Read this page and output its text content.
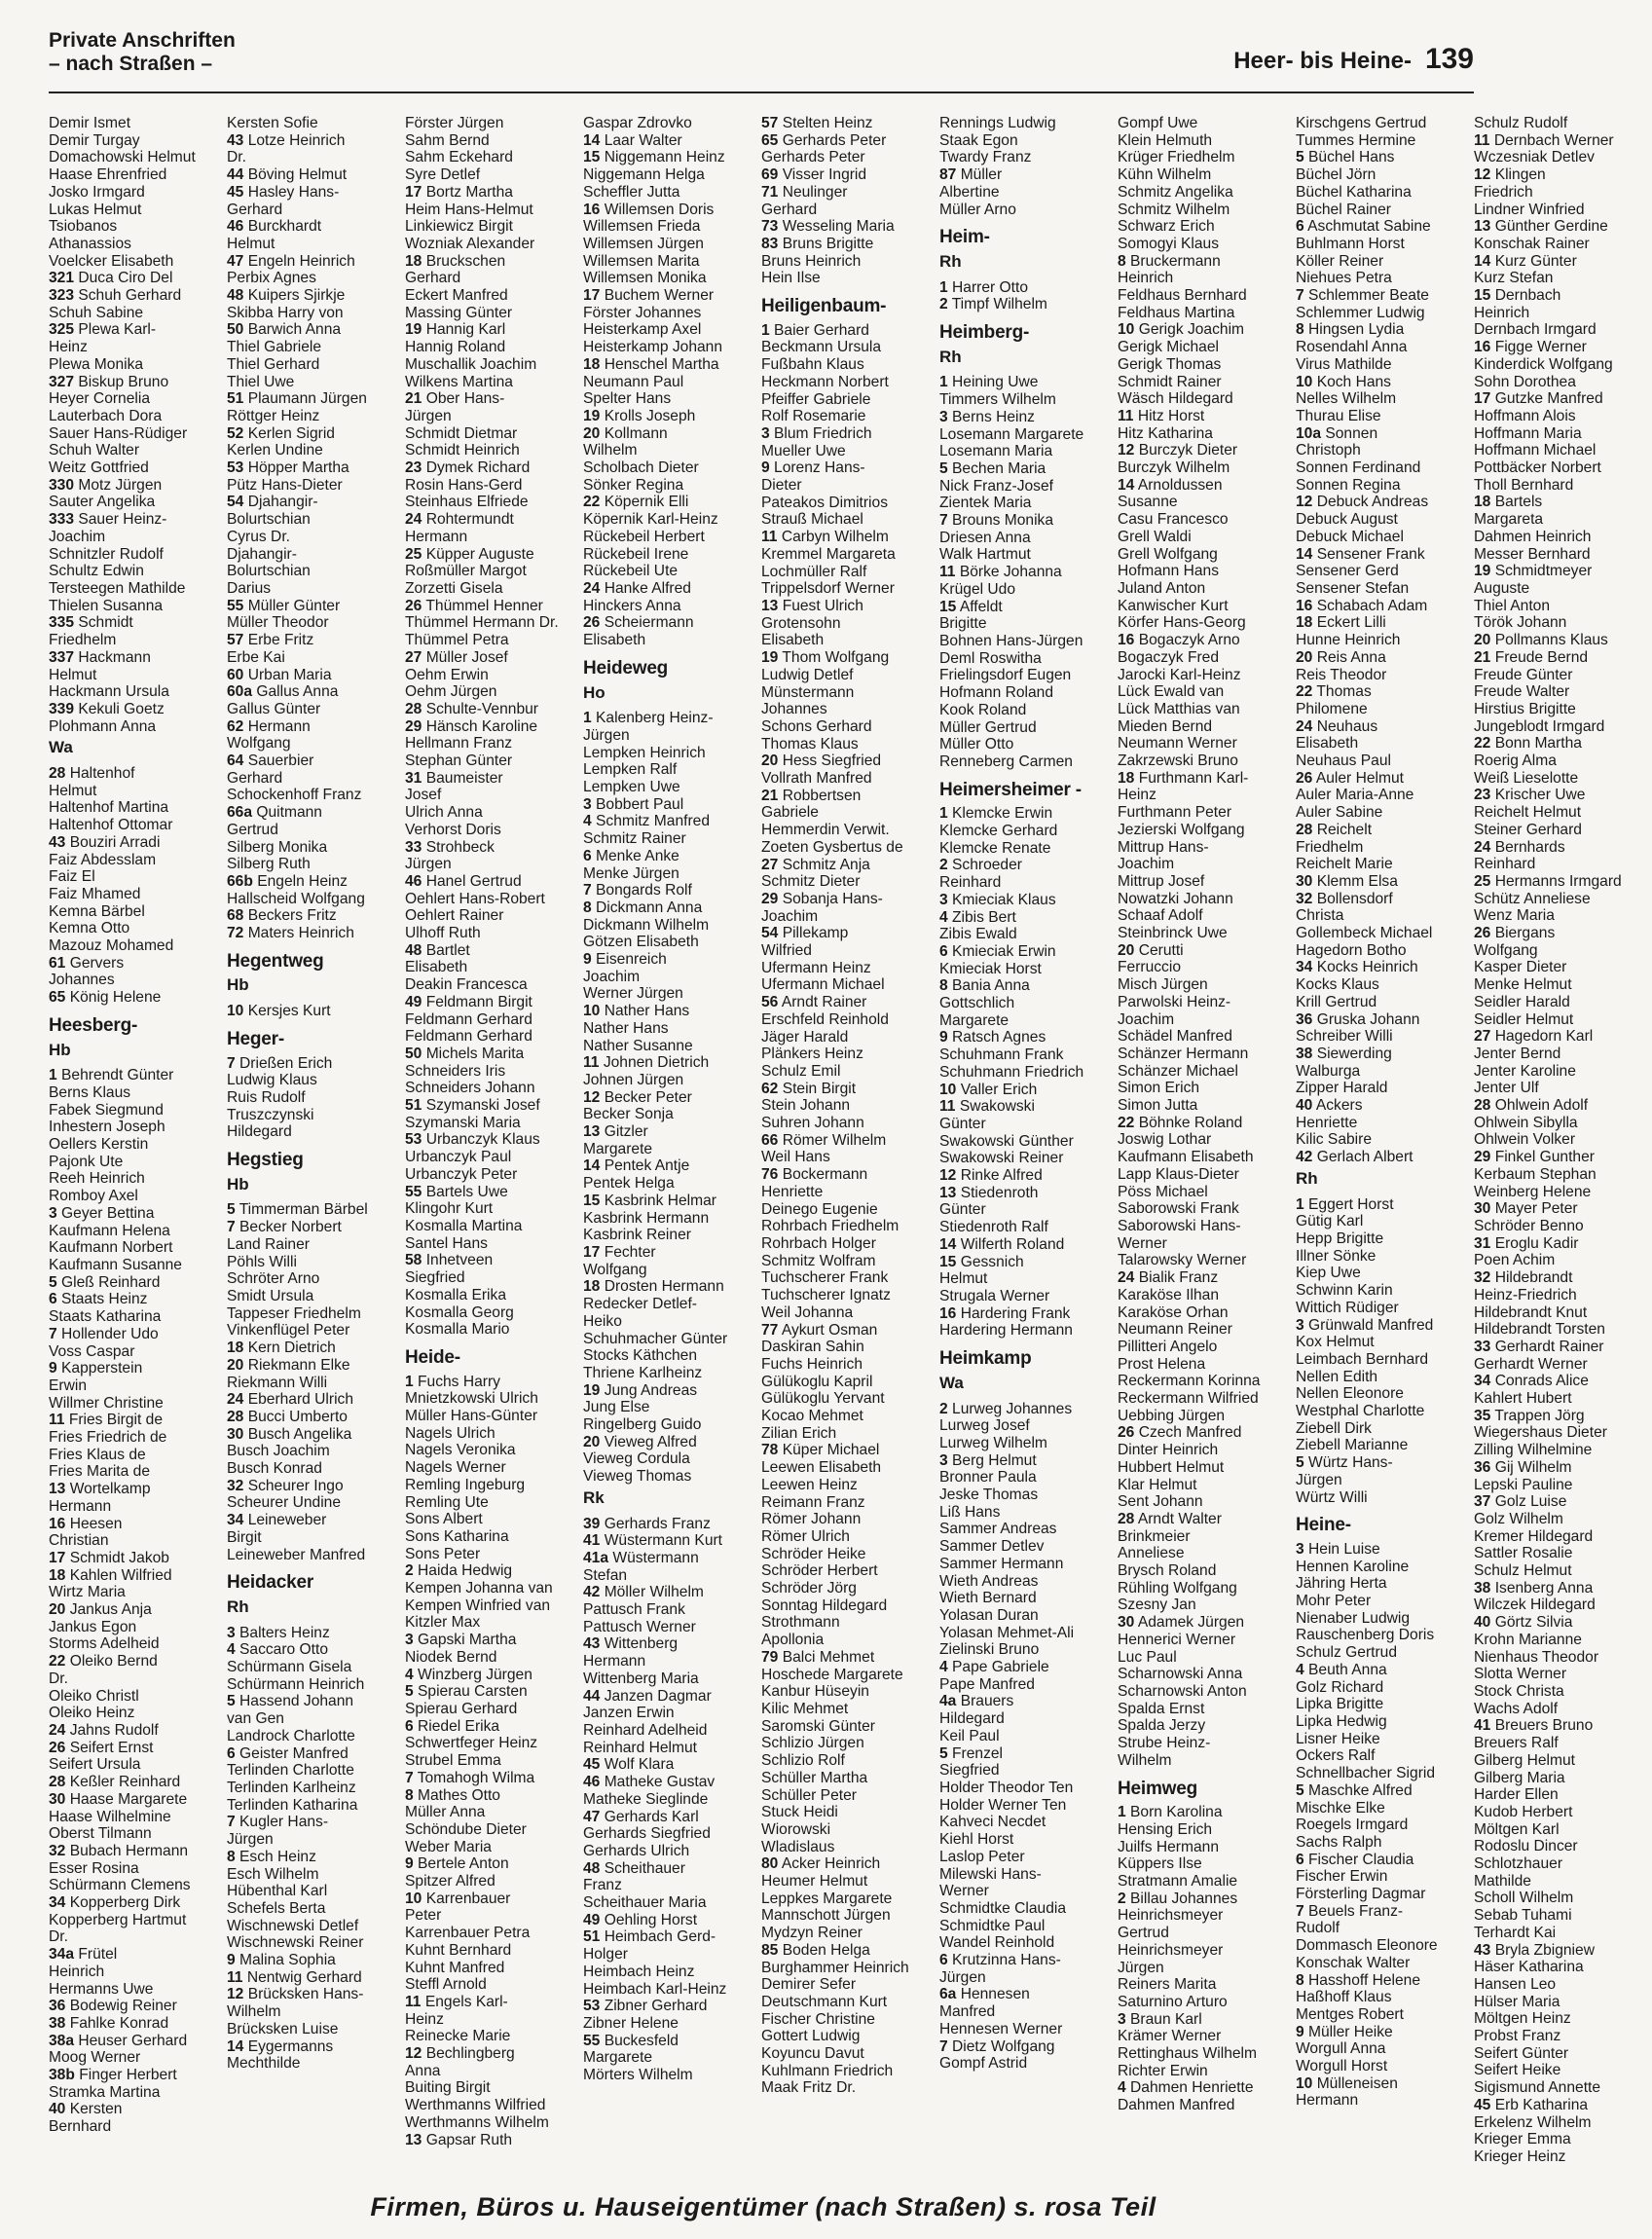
Private Anschriften
– nach Straßen –	Heer- bis Heine- 139
Demir Ismet
Demir Turgay
Domachowski Helmut
Haase Ehrenfried
Josko Irmgard
Lukas Helmut
Tsiobanos
Athanassios
Voelcker Elisabeth
321 Duca Ciro Del
323 Schuh Gerhard
Schuh Sabine
325 Plewa Karl-
Heinz
Plewa Monika
327 Biskup Bruno
Heyer Cornelia
Lauterbach Dora
Sauer Hans-Rüdiger
Schuh Walter
Weitz Gottfried
330 Motz Jürgen
Sauter Angelika
333 Sauer Heinz-
Joachim
Schnitzler Rudolf
Schultz Edwin
Tersteegen Mathilde
Thielen Susanna
335 Schmidt
Friedhelm
337 Hackmann
Helmut
Hackmann Ursula
339 Kekuli Goetz
Plohmann Anna
Wa
28 Haltenhof
Helmut
Haltenhof Martina
Haltenhof Ottomar
43 Bouziri Arradi
Faiz Abdesslam
Faiz El
Faiz Mhamed
Kemna Bärbel
Kemna Otto
Mazouz Mohamed
61 Gervers
Johannes
65 König Helene
Heesberg-
Hb
1 Behrendt Günter
Berns Klaus
Fabek Siegmund
Inhestern Joseph
Oellers Kerstin
Pajonk Ute
Reeh Heinrich
Romboy Axel
3 Geyer Bettina
Kaufmann Helena
Kaufmann Norbert
Kaufmann Susanne
5 Gleß Reinhard
6 Staats Heinz
Staats Katharina
7 Hollender Udo
Voss Caspar
9 Kapperstein
Erwin
Willmer Christine
11 Fries Birgit de
Fries Friedrich de
Fries Klaus de
Fries Marita de
13 Wortelkamp
Hermann
16 Heesen
Christian
17 Schmidt Jakob
18 Kahlen Wilfried
Wirtz Maria
20 Jankus Anja
Jankus Egon
Storms Adelheid
22 Oleiko Bernd
Dr.
Oleiko Christl
Oleiko Heinz
24 Jahns Rudolf
26 Seifert Ernst
Seifert Ursula
28 Keßler Reinhard
30 Haase Margarete
Haase Wilhelmine
Oberst Tilmann
32 Bubach Hermann
Esser Rosina
Schürmann Clemens
34 Kopperberg Dirk
Kopperberg Hartmut
Dr.
34a Frütel
Heinrich
Hermanns Uwe
36 Bodewig Reiner
38 Fahlke Konrad
38a Heuser Gerhard
Moog Werner
38b Finger Herbert
Stramka Martina
40 Kersten
Bernhard
Kersten Sofie
43 Lotze Heinrich
Dr.
44 Böving Helmut
45 Hasley Hans-
Gerhard
46 Burckhardt
Helmut
47 Engeln Heinrich
Perbix Agnes
48 Kuipers Sjirkje
Skibba Harry von
50 Barwich Anna
Thiel Gabriele
Thiel Gerhard
Thiel Uwe
51 Plaumann Jürgen
Röttger Heinz
52 Kerlen Sigrid
Kerlen Undine
53 Höpper Martha
Pütz Hans-Dieter
54 Djahangir-
Bolurtschian
Cyrus Dr.
Djahangir-
Bolurtschian
Darius
55 Müller Günter
Müller Theodor
57 Erbe Fritz
Erbe Kai
60 Urban Maria
60a Gallus Anna
Gallus Günter
62 Hermann
Wolfgang
64 Sauerbier
Gerhard
Schockenhoff Franz
66a Quitmann
Gertrud
Silberg Monika
Silberg Ruth
66b Engeln Heinz
Hallscheid Wolfgang
68 Beckers Fritz
72 Maters Heinrich
Hegentweg
Hb
10 Kersjes Kurt
Heger-
7 Drießen Erich
Ludwig Klaus
Ruis Rudolf
Truszczynski
Hildegard
Hegstieg
Hb
5 Timmerman Bärbel
7 Becker Norbert
Land Rainer
Pöhls Willi
Schröter Arno
Smidt Ursula
Tappeser Friedhelm
Vinkenflügel Peter
18 Kern Dietrich
20 Riekmann Elke
Riekmann Willi
24 Eberhard Ulrich
28 Bucci Umberto
30 Busch Angelika
Busch Joachim
Busch Konrad
32 Scheurer Ingo
Scheurer Undine
34 Leineweber
Birgit
Leineweber Manfred
Heidacker
Rh
3 Balters Heinz
4 Saccaro Otto
Schürmann Gisela
Schürmann Heinrich
5 Hassend Johann
van Gen
Landrock Charlotte
6 Geister Manfred
Terlinden Charlotte
Terlinden Karlheinz
Terlinden Katharina
7 Kugler Hans-
Jürgen
8 Esch Heinz
Esch Wilhelm
Hübenthal Karl
Schefels Berta
Wischnewski Detlef
Wischnewski Reiner
9 Malina Sophia
11 Nentwig Gerhard
12 Brücksken Hans-
Wilhelm
Brücksken Luise
14 Eygermanns
Mechthilde
Förster Jürgen
Sahm Bernd
Sahm Eckehard
Syre Detlef
17 Bortz Martha
Heim Hans-Helmut
Linkiewicz Birgit
Wozniak Alexander
18 Bruckschen
Gerhard
Eckert Manfred
Massing Günter
19 Hannig Karl
Hannig Roland
Muschallik Joachim
Wilkens Martina
21 Ober Hans-
Jürgen
Schmidt Dietmar
Schmidt Heinrich
23 Dymek Richard
Rosin Hans-Gerd
Steinhaus Elfriede
24 Rohtermundt
Hermann
25 Küpper Auguste
Roßmüller Margot
Zorzetti Gisela
26 Thümmel Henner
Thümmel Hermann Dr.
Thümmel Petra
27 Müller Josef
Oehm Erwin
Oehm Jürgen
28 Schulte-Vennbur
29 Hänsch Karoline
Hellmann Franz
Stephan Günter
31 Baumeister
Josef
Ulrich Anna
Verhorst Doris
33 Strohbeck
Jürgen
46 Hanel Gertrud
Oehlert Hans-Robert
Oehlert Rainer
Ulhoff Ruth
48 Bartlet
Elisabeth
Deakin Francesca
49 Feldmann Birgit
Feldmann Gerhard
Feldmann Gerhard
50 Michels Marita
Schneiders Iris
Schneiders Johann
51 Szymanski Josef
Szymanski Maria
53 Urbanczyk Klaus
Urbanczyk Paul
Urbanczyk Peter
55 Bartels Uwe
Klingohr Kurt
Kosmalla Martina
Santel Hans
58 Inhetveen
Siegfried
Kosmalla Erika
Kosmalla Georg
Kosmalla Mario
Heide-
1 Fuchs Harry
Mnietzkowski Ulrich
Müller Hans-Günter
Nagels Ulrich
Nagels Veronika
Nagels Werner
Remling Ingeburg
Remling Ute
Sons Albert
Sons Katharina
Sons Peter
2 Haida Hedwig
Kempen Johanna van
Kempen Winfried van
Kitzler Max
3 Gapski Martha
Niodek Bernd
4 Winzberg Jürgen
5 Spierau Carsten
Spierau Gerhard
6 Riedel Erika
Schwertfeger Heinz
Strubel Emma
7 Tomahogh Wilma
8 Mathes Otto
Müller Anna
Schöndube Dieter
Weber Maria
9 Bertele Anton
Spitzer Alfred
10 Karrenbauer
Peter
Karrenbauer Petra
Kuhnt Bernhard
Kuhnt Manfred
Steffl Arnold
11 Engels Karl-
Heinz
Reinecke Marie
12 Bechlingberg
Anna
Buiting Birgit
Werthmanns Wilfried
Werthmanns Wilhelm
13 Gapsar Ruth
Gaspar Zdrovko
14 Laar Walter
15 Niggemann Heinz
Niggemann Helga
Scheffler Jutta
16 Willemsen Doris
Willemsen Frieda
Willemsen Jürgen
Willemsen Marita
Willemsen Monika
17 Buchem Werner
Förster Johannes
Heisterkamp Axel
Heisterkamp Johann
18 Henschel Martha
Neumann Paul
Spelter Hans
19 Krolls Joseph
20 Kollmann
Wilhelm
Scholbach Dieter
Sönker Regina
22 Köpernik Elli
Köpernik Karl-Heinz
Rückebeil Herbert
Rückebeil Irene
Rückebeil Ute
24 Hanke Alfred
Hinckers Anna
26 Scheiermann
Elisabeth
Heideweg
Ho
1 Kalenberg Heinz-
Jürgen
Lempken Heinrich
Lempken Ralf
Lempken Uwe
3 Bobbert Paul
4 Schmitz Manfred
Schmitz Rainer
6 Menke Anke
Menke Jürgen
7 Bongards Rolf
8 Dickmann Anna
Dickmann Wilhelm
Götzen Elisabeth
9 Eisenreich
Joachim
Werner Jürgen
10 Nather Hans
Nather Hans
Nather Susanne
11 Johnen Dietrich
Johnen Jürgen
12 Becker Peter
Becker Sonja
13 Gitzler
Margarete
14 Pentek Antje
Pentek Helga
15 Kasbrink Helmar
Kasbrink Hermann
Kasbrink Reiner
17 Fechter
Wolfgang
18 Drosten Hermann
Redecker Detlef-
Heiko
Schuhmacher Günter
Stocks Käthchen
Thriene Karlheinz
19 Jung Andreas
Jung Else
Ringelberg Guido
20 Vieweg Alfred
Vieweg Cordula
Vieweg Thomas
Rk
39 Gerhards Franz
41 Wüstermann Kurt
41a Wüstermann
Stefan
42 Möller Wilhelm
Pattusch Frank
Pattusch Werner
43 Wittenberg
Hermann
Wittenberg Maria
44 Janzen Dagmar
Janzen Erwin
Reinhard Adelheid
Reinhard Helmut
45 Wolf Klara
46 Matheke Gustav
Matheke Sieglinde
47 Gerhards Karl
Gerhards Siegfried
Gerhards Ulrich
48 Scheithauer
Franz
Scheithauer Maria
49 Oehling Horst
51 Heimbach Gerd-
Holger
Heimbach Heinz
Heimbach Karl-Heinz
53 Zibner Gerhard
Zibner Helene
55 Buckesfeld
Margarete
Mörters Wilhelm
57 Stelten Heinz
65 Gerhards Peter
Gerhards Peter
69 Visser Ingrid
71 Neulinger
Gerhard
73 Wesseling Maria
83 Bruns Brigitte
Bruns Heinrich
Hein Ilse
Heiligenbaum-
1 Baier Gerhard
Beckmann Ursula
Fußbahn Klaus
Heckmann Norbert
Pfeiffer Gabriele
Rolf Rosemarie
3 Blum Friedrich
Mueller Uwe
9 Lorenz Hans-
Dieter
Pateakos Dimitrios
Strauß Michael
11 Carbyn Wilhelm
Kremmel Margareta
Lochmüller Ralf
Trippelsdorf Werner
13 Fuest Ulrich
Grotensohn
Elisabeth
19 Thom Wolfgang
Ludwig Detlef
Münstermann
Johannes
Schons Gerhard
Thomas Klaus
20 Hess Siegfried
Vollrath Manfred
21 Robbertsen
Gabriele
Hemmerdin Verwit.
Zoeten Gysbertus de
27 Schmitz Anja
Schmitz Dieter
29 Sobanja Hans-
Joachim
54 Pillekamp
Wilfried
Ufermann Heinz
Ufermann Michael
56 Arndt Rainer
Erschfeld Reinhold
Jäger Harald
Plänkers Heinz
Schulz Emil
62 Stein Birgit
Stein Johann
Suhren Johann
66 Römer Wilhelm
Weil Hans
76 Bockermann
Henriette
Deinego Eugenie
Rohrbach Friedhelm
Rohrbach Holger
Schmitz Wolfram
Tuchscherer Frank
Tuchscherer Ignatz
Weil Johanna
77 Aykurt Osman
Daskiran Sahin
Fuchs Heinrich
Gülükoglu Kapril
Gülükoglu Yervant
Kocao Mehmet
Zilian Erich
78 Küper Michael
Leewen Elisabeth
Leewen Heinz
Reimann Franz
Römer Johann
Römer Ulrich
Schröder Heike
Schröder Herbert
Schröder Jörg
Sonntag Hildegard
Strothmann
Apollonia
79 Balci Mehmet
Hoschede Margarete
Kanbur Hüseyin
Kilic Mehmet
Saromski Günter
Schlizio Jürgen
Schlizio Rolf
Schüller Martha
Schüller Peter
Stuck Heidi
Wiorowski
Wladislaus
80 Acker Heinrich
Heumer Helmut
Leppkes Margarete
Mannschott Jürgen
Mydzyn Reiner
85 Boden Helga
Burghammer Heinrich
Demirer Sefer
Deutschmann Kurt
Fischer Christine
Gottert Ludwig
Koyuncu Davut
Kuhlmann Friedrich
Maak Fritz Dr.
Rennings Ludwig
Staak Egon
Twardy Franz
87 Müller
Albertine
Müller Arno
Heim-
Rh
1 Harrer Otto
2 Timpf Wilhelm
Heimberg-
Rh
1 Heining Uwe
Timmers Wilhelm
3 Berns Heinz
Losemann Margarete
Losemann Maria
5 Bechen Maria
Nick Franz-Josef
Zientek Maria
7 Brouns Monika
Driesen Anna
Walk Hartmut
11 Börke Johanna
Krügel Udo
15 Affeldt
Brigitte
Bohnen Hans-Jürgen
Deml Roswitha
Frielingsdorf Eugen
Hofmann Roland
Kook Roland
Müller Gertrud
Müller Otto
Renneberg Carmen
Heimersheimer -
1 Klemcke Erwin
Klemcke Gerhard
Klemcke Renate
2 Schroeder
Reinhard
3 Kmieciak Klaus
4 Zibis Bert
Zibis Ewald
6 Kmieciak Erwin
Kmieciak Horst
8 Bania Anna
Gottschlich
Margarete
9 Ratsch Agnes
Schuhmann Frank
Schuhmann Friedrich
10 Valler Erich
11 Swakowski
Günter
Swakowski Günther
Swakowski Reiner
12 Rinke Alfred
13 Stiedenroth
Günter
Stiedenroth Ralf
14 Wilferth Roland
15 Gessnich
Helmut
Strugala Werner
16 Hardering Frank
Hardering Hermann
Heimkamp
Wa
2 Lurweg Johannes
Lurweg Josef
Lurweg Wilhelm
3 Berg Helmut
Bronner Paula
Jeske Thomas
Liß Hans
Sammer Andreas
Sammer Detlev
Sammer Hermann
Wieth Andreas
Wieth Bernard
Yolasan Duran
Yolasan Mehmet-Ali
Zielinski Bruno
4 Pape Gabriele
Pape Manfred
4a Brauers
Hildegard
Keil Paul
5 Frenzel
Siegfried
Holder Theodor Ten
Holder Werner Ten
Kahveci Necdet
Kiehl Horst
Laslop Peter
Milewski Hans-
Werner
Schmidtke Claudia
Schmidtke Paul
Wandel Reinhold
6 Krutzinna Hans-
Jürgen
6a Hennesen
Manfred
Hennesen Werner
7 Dietz Wolfgang
Gompf Astrid
Gompf Uwe
Klein Helmuth
Krüger Friedhelm
Kühn Wilhelm
Schmitz Angelika
Schmitz Wilhelm
Schwarz Erich
Somogyi Klaus
8 Bruckermann
Heinrich
Feldhaus Bernhard
Feldhaus Martina
10 Gerigk Joachim
Gerigk Michael
Gerigk Thomas
Schmidt Rainer
Wäsch Hildegard
11 Hitz Horst
Hitz Katharina
12 Burczyk Dieter
Burczyk Wilhelm
14 Arnoldussen
Susanne
Casu Francesco
Grell Waldi
Grell Wolfgang
Hofmann Hans
Juland Anton
Kanwischer Kurt
Körfer Hans-Georg
16 Bogaczyk Arno
Bogaczyk Fred
Jarocki Karl-Heinz
Lück Ewald van
Lück Matthias van
Mieden Bernd
Neumann Werner
Zakrzewski Bruno
18 Furthmann Karl-
Heinz
Furthmann Peter
Jezierski Wolfgang
Mittrup Hans-
Joachim
Mittrup Josef
Nowatzki Johann
Schaaf Adolf
Steinbrinck Uwe
20 Cerutti
Ferruccio
Misch Jürgen
Parwolski Heinz-
Joachim
Schädel Manfred
Schänzer Hermann
Schänzer Michael
Simon Erich
Simon Jutta
22 Böhnke Roland
Joswig Lothar
Kaufmann Elisabeth
Lapp Klaus-Dieter
Pöss Michael
Saborowski Frank
Saborowski Hans-
Werner
Talarowsky Werner
24 Bialik Franz
Karaköse Ilhan
Karaköse Orhan
Neumann Reiner
Pillitteri Angelo
Prost Helena
Reckermann Korinna
Reckermann Wilfried
Uebbing Jürgen
26 Czech Manfred
Dinter Heinrich
Hubbert Helmut
Klar Helmut
Sent Johann
28 Arndt Walter
Brinkmeier
Anneliese
Brysch Roland
Rühling Wolfgang
Szesny Jan
30 Adamek Jürgen
Hennerici Werner
Luc Paul
Scharnowski Anna
Scharnowski Anton
Spalda Ernst
Spalda Jerzy
Strube Heinz-
Wilhelm
Heimweg
1 Born Karolina
Hensing Erich
Juilfs Hermann
Küppers Ilse
Stratmann Amalie
2 Billau Johannes
Heinrichsmeyer
Gertrud
Heinrichsmeyer
Jürgen
Reiners Marita
Saturnino Arturo
3 Braun Karl
Krämer Werner
Rettinghaus Wilhelm
Richter Erwin
4 Dahmen Henriette
Dahmen Manfred
Kirschgens Gertrud
Tummes Hermine
5 Büchel Hans
Büchel Jörn
Büchel Katharina
Büchel Rainer
6 Aschmutat Sabine
Buhlmann Horst
Köller Reiner
Niehues Petra
7 Schlemmer Beate
Schlemmer Ludwig
8 Hingsen Lydia
Rosendahl Anna
Virus Mathilde
10 Koch Hans
Nelles Wilhelm
Thurau Elise
10a Sonnen
Christoph
Sonnen Ferdinand
Sonnen Regina
12 Debuck Andreas
Debuck August
Debuck Michael
14 Sensener Frank
Sensener Gerd
Sensener Stefan
16 Schabach Adam
18 Eckert Lilli
Hunne Heinrich
20 Reis Anna
Reis Theodor
22 Thomas
Philomene
24 Neuhaus
Elisabeth
Neuhaus Paul
26 Auler Helmut
Auler Maria-Anne
Auler Sabine
28 Reichelt
Friedhelm
Reichelt Marie
30 Klemm Elsa
32 Bollensdorf
Christa
Gollembeck Michael
Hagedorn Botho
34 Kocks Heinrich
Kocks Klaus
Krill Gertrud
36 Gruska Johann
Schreiber Willi
38 Siewerding
Walburga
Zipper Harald
40 Ackers
Henriette
Kilic Sabire
42 Gerlach Albert
Rh
1 Eggert Horst
Gütig Karl
Hepp Brigitte
Illner Sönke
Kiep Uwe
Schwinn Karin
Wittich Rüdiger
3 Grünwald Manfred
Kox Helmut
Leimbach Bernhard
Nellen Edith
Nellen Eleonore
Westphal Charlotte
Ziebell Dirk
Ziebell Marianne
5 Würtz Hans-
Jürgen
Würtz Willi
Heine-
3 Hein Luise
Hennen Karoline
Jähring Herta
Mohr Peter
Nienaber Ludwig
Rauschenberg Doris
Schulz Gertrud
4 Beuth Anna
Golz Richard
Lipka Brigitte
Lipka Hedwig
Lisner Heike
Ockers Ralf
Schnellbacher Sigrid
5 Maschke Alfred
Mischke Elke
Roegels Irmgard
Sachs Ralph
6 Fischer Claudia
Fischer Erwin
Försterling Dagmar
7 Beuels Franz-
Rudolf
Dommasch Eleonore
Konschak Walter
8 Hasshoff Helene
Haßhoff Klaus
Mentges Robert
9 Müller Heike
Worgull Anna
Worgull Horst
10 Mülleneisen
Hermann
Schulz Rudolf
11 Dernbach Werner
Wczesniak Detlev
12 Klingen
Friedrich
Lindner Winfried
13 Günther Gerdine
Konschak Rainer
14 Kurz Günter
Kurz Stefan
15 Dernbach
Heinrich
Dernbach Irmgard
16 Figge Werner
Kinderdick Wolfgang
Sohn Dorothea
17 Gutzke Manfred
Hoffmann Alois
Hoffmann Maria
Hoffmann Michael
Pottbäcker Norbert
Tholl Bernhard
18 Bartels
Margareta
Dahmen Heinrich
Messer Bernhard
19 Schmidtmeyer
Auguste
Thiel Anton
Török Johann
20 Pollmanns Klaus
21 Freude Bernd
Freude Günter
Freude Walter
Hirstius Brigitte
Jungeblodt Irmgard
22 Bonn Martha
Roerig Alma
Weiß Lieselotte
23 Krischer Uwe
Reichelt Helmut
Steiner Gerhard
24 Bernhards
Reinhard
25 Hermanns Irmgard
Schütz Anneliese
Wenz Maria
26 Biergans
Wolfgang
Kasper Dieter
Menke Helmut
Seidler Harald
Seidler Helmut
27 Hagedorn Karl
Jenter Bernd
Jenter Karoline
Jenter Ulf
28 Ohlwein Adolf
Ohlwein Sibylla
Ohlwein Volker
29 Finkel Gunther
Kerbaum Stephan
Weinberg Helene
30 Mayer Peter
Schröder Benno
31 Eroglu Kadir
Poen Achim
32 Hildebrandt
Heinz-Friedrich
Hildebrandt Knut
Hildebrandt Torsten
33 Gerhardt Rainer
Gerhardt Werner
34 Conrads Alice
Kahlert Hubert
35 Trappen Jörg
Wiegershaus Dieter
Zilling Wilhelmine
36 Gij Wilhelm
Lepski Pauline
37 Golz Luise
Golz Wilhelm
Kremer Hildegard
Sattler Rosalie
Schulz Helmut
38 Isenberg Anna
Wilczek Hildegard
40 Görtz Silvia
Krohn Marianne
Nienhaus Theodor
Slotta Werner
Stock Christa
Wachs Adolf
41 Breuers Bruno
Breuers Ralf
Gilberg Helmut
Gilberg Maria
Harder Ellen
Kudob Herbert
Möltgen Karl
Rodoslu Dincer
Schlotzhauer
Mathilde
Scholl Wilhelm
Sebab Tuhami
Terhardt Kai
43 Bryla Zbigniew
Häser Katharina
Hansen Leo
Hülser Maria
Möltgen Heinz
Probst Franz
Seifert Günter
Seifert Heike
Sigismund Annette
45 Erb Katharina
Erkelenz Wilhelm
Krieger Emma
Krieger Heinz
Firmen, Büros u. Hauseigentümer (nach Straßen) s. rosa Teil
